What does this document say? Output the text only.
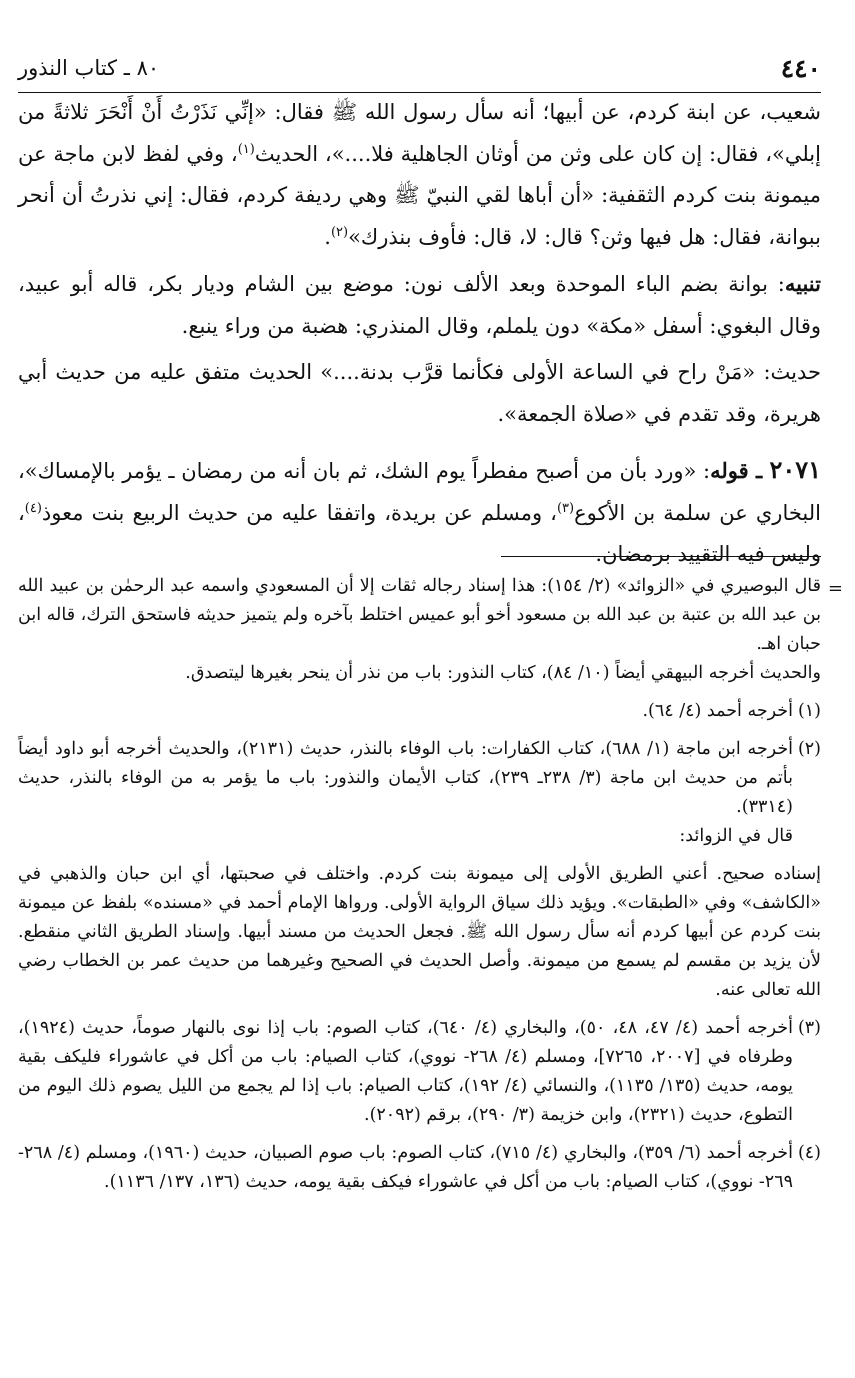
٤٤٠
٨٠ ـ كتاب النذور

شعيب، عن ابنة كردم، عن أبيها؛ أنه سأل رسول الله ﷺ فقال: «إنِّي نَذَرْتُ أَنْ أَنْحَرَ ثلاثةً من إبلي»، فقال: إن كان على وثن من أوثان الجاهلية فلا....»، الحديث$^{(١)}$، وفي لفظ لابن ماجة عن ميمونة بنت كردم الثقفية: «أن أباها لقي النبيّ ﷺ وهي رديفة كردم، فقال: إني نذرتُ أن أنحر ببوانة، فقال: هل فيها وثن؟ قال: لا، قال: فأوف بنذرك»$^{(٢)}$.

تنبيه: بوانة بضم الباء الموحدة وبعد الألف نون: موضع بين الشام وديار بكر، قاله أبو عبيد، وقال البغوي: أسفل «مكة» دون يلملم، وقال المنذري: هضبة من وراء ينبع.

حديث: «مَنْ راح في الساعة الأولى فكأنما قرَّب بدنة....» الحديث متفق عليه من حديث أبي هريرة، وقد تقدم في «صلاة الجمعة».

٢٠٧١ ـ قوله: «ورد بأن من أصبح مفطراً يوم الشك، ثم بان أنه من رمضان ـ يؤمر بالإمساك»، البخاري عن سلمة بن الأكوع$^{(٣)}$، ومسلم عن بريدة، واتفقا عليه من حديث الربيع بنت معوذ$^{(٤)}$، وليس فيه التقييد برمضان.

=
قال البوصيري في «الزوائد» (٢/ ١٥٤): هذا إسناد رجاله ثقات إلا أن المسعودي واسمه عبد الرحمٰن بن عبيد الله بن عبد الله بن عتبة بن عبد الله بن مسعود أخو أبو عميس اختلط بآخره ولم يتميز حديثه فاستحق الترك، قاله ابن حبان اهـ.

والحديث أخرجه البيهقي أيضاً (١٠/ ٨٤)، كتاب النذور: باب من نذر أن ينحر بغيرها ليتصدق.

(١)
أخرجه أحمد (٤/ ٦٤).

(٢)
أخرجه ابن ماجة (١/ ٦٨٨)، كتاب الكفارات: باب الوفاء بالنذر، حديث (٢١٣١)، والحديث أخرجه أبو داود أيضاً بأتم من حديث ابن ماجة (٣/ ٢٣٨ـ ٢٣٩)، كتاب الأيمان والنذور: باب ما يؤمر به من الوفاء بالنذر، حديث (٣٣١٤).

قال في الزوائد:

إسناده صحيح. أعني الطريق الأولى إلى ميمونة بنت كردم. واختلف في صحبتها، أي ابن حبان والذهبي في «الكاشف» وفي «الطبقات». ويؤيد ذلك سياق الرواية الأولى. ورواها الإمام أحمد في «مسنده» بلفظ عن ميمونة بنت كردم عن أبيها كردم أنه سأل رسول الله ﷺ. فجعل الحديث من مسند أبيها. وإسناد الطريق الثاني منقطع. لأن يزيد بن مقسم لم يسمع من ميمونة. وأصل الحديث في الصحيح وغيرهما من حديث عمر بن الخطاب رضي الله تعالى عنه.

(٣)
أخرجه أحمد (٤/ ٤٧، ٤٨، ٥٠)، والبخاري (٤/ ٦٤٠)، كتاب الصوم: باب إذا نوى بالنهار صوماً، حديث (١٩٢٤)، وطرفاه في [٢٠٠٧، ٧٢٦٥]، ومسلم (٤/ ٢٦٨- نووي)، كتاب الصيام: باب من أكل في عاشوراء فليكف بقية يومه، حديث (١٣٥/ ١١٣٥)، والنسائي (٤/ ١٩٢)، كتاب الصيام: باب إذا لم يجمع من الليل يصوم ذلك اليوم من التطوع، حديث (٢٣٢١)، وابن خزيمة (٣/ ٢٩٠)، برقم (٢٠٩٢).

(٤)
أخرجه أحمد (٦/ ٣٥٩)، والبخاري (٤/ ٧١٥)، كتاب الصوم: باب صوم الصبيان، حديث (١٩٦٠)، ومسلم (٤/ ٢٦٨- ٢٦٩- نووي)، كتاب الصيام: باب من أكل في عاشوراء فيكف بقية يومه، حديث (١٣٦، ١٣٧/ ١١٣٦).
